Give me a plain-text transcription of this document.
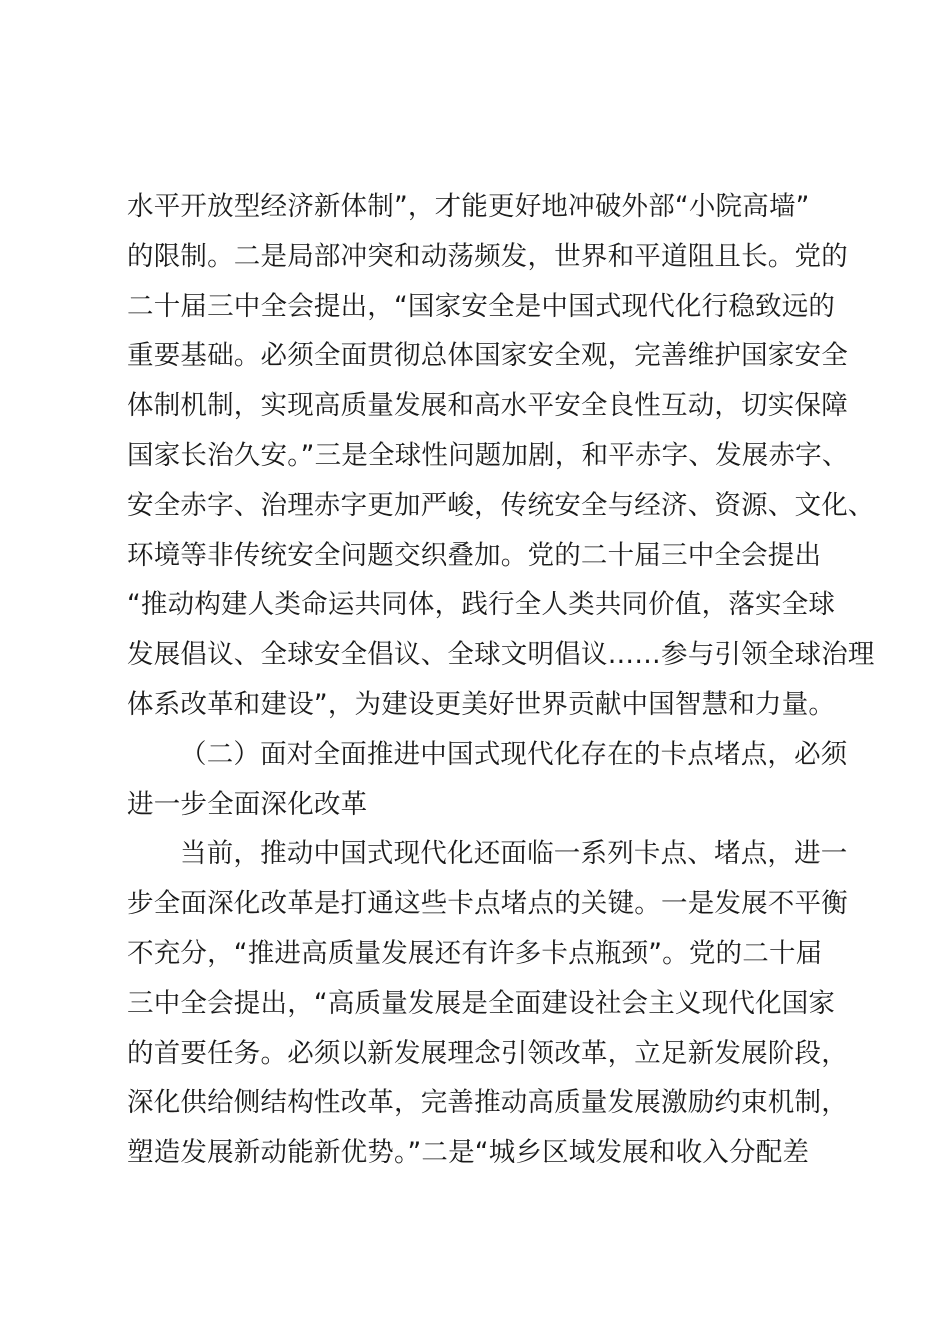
水平开放型经济新体制”，才能更好地冲破外部“小院高墙”
的限制。二是局部冲突和动荡频发，世界和平道阻且长。党的
二十届三中全会提出，“国家安全是中国式现代化行稳致远的
重要基础。必须全面贯彻总体国家安全观，完善维护国家安全
体制机制，实现高质量发展和高水平安全良性互动，切实保障
国家长治久安。”三是全球性问题加剧，和平赤字、发展赤字、
安全赤字、治理赤字更加严峻，传统安全与经济、资源、文化、
环境等非传统安全问题交织叠加。党的二十届三中全会提出
“推动构建人类命运共同体，践行全人类共同价值，落实全球
发展倡议、全球安全倡议、全球文明倡议……参与引领全球治理
体系改革和建设”，为建设更美好世界贡献中国智慧和力量。
（二）面对全面推进中国式现代化存在的卡点堵点，必须
进一步全面深化改革
当前，推动中国式现代化还面临一系列卡点、堵点，进一
步全面深化改革是打通这些卡点堵点的关键。一是发展不平衡
不充分，“推进高质量发展还有许多卡点瓶颈”。党的二十届
三中全会提出，“高质量发展是全面建设社会主义现代化国家
的首要任务。必须以新发展理念引领改革，立足新发展阶段，
深化供给侧结构性改革，完善推动高质量发展激励约束机制，
塑造发展新动能新优势。”二是“城乡区域发展和收入分配差
